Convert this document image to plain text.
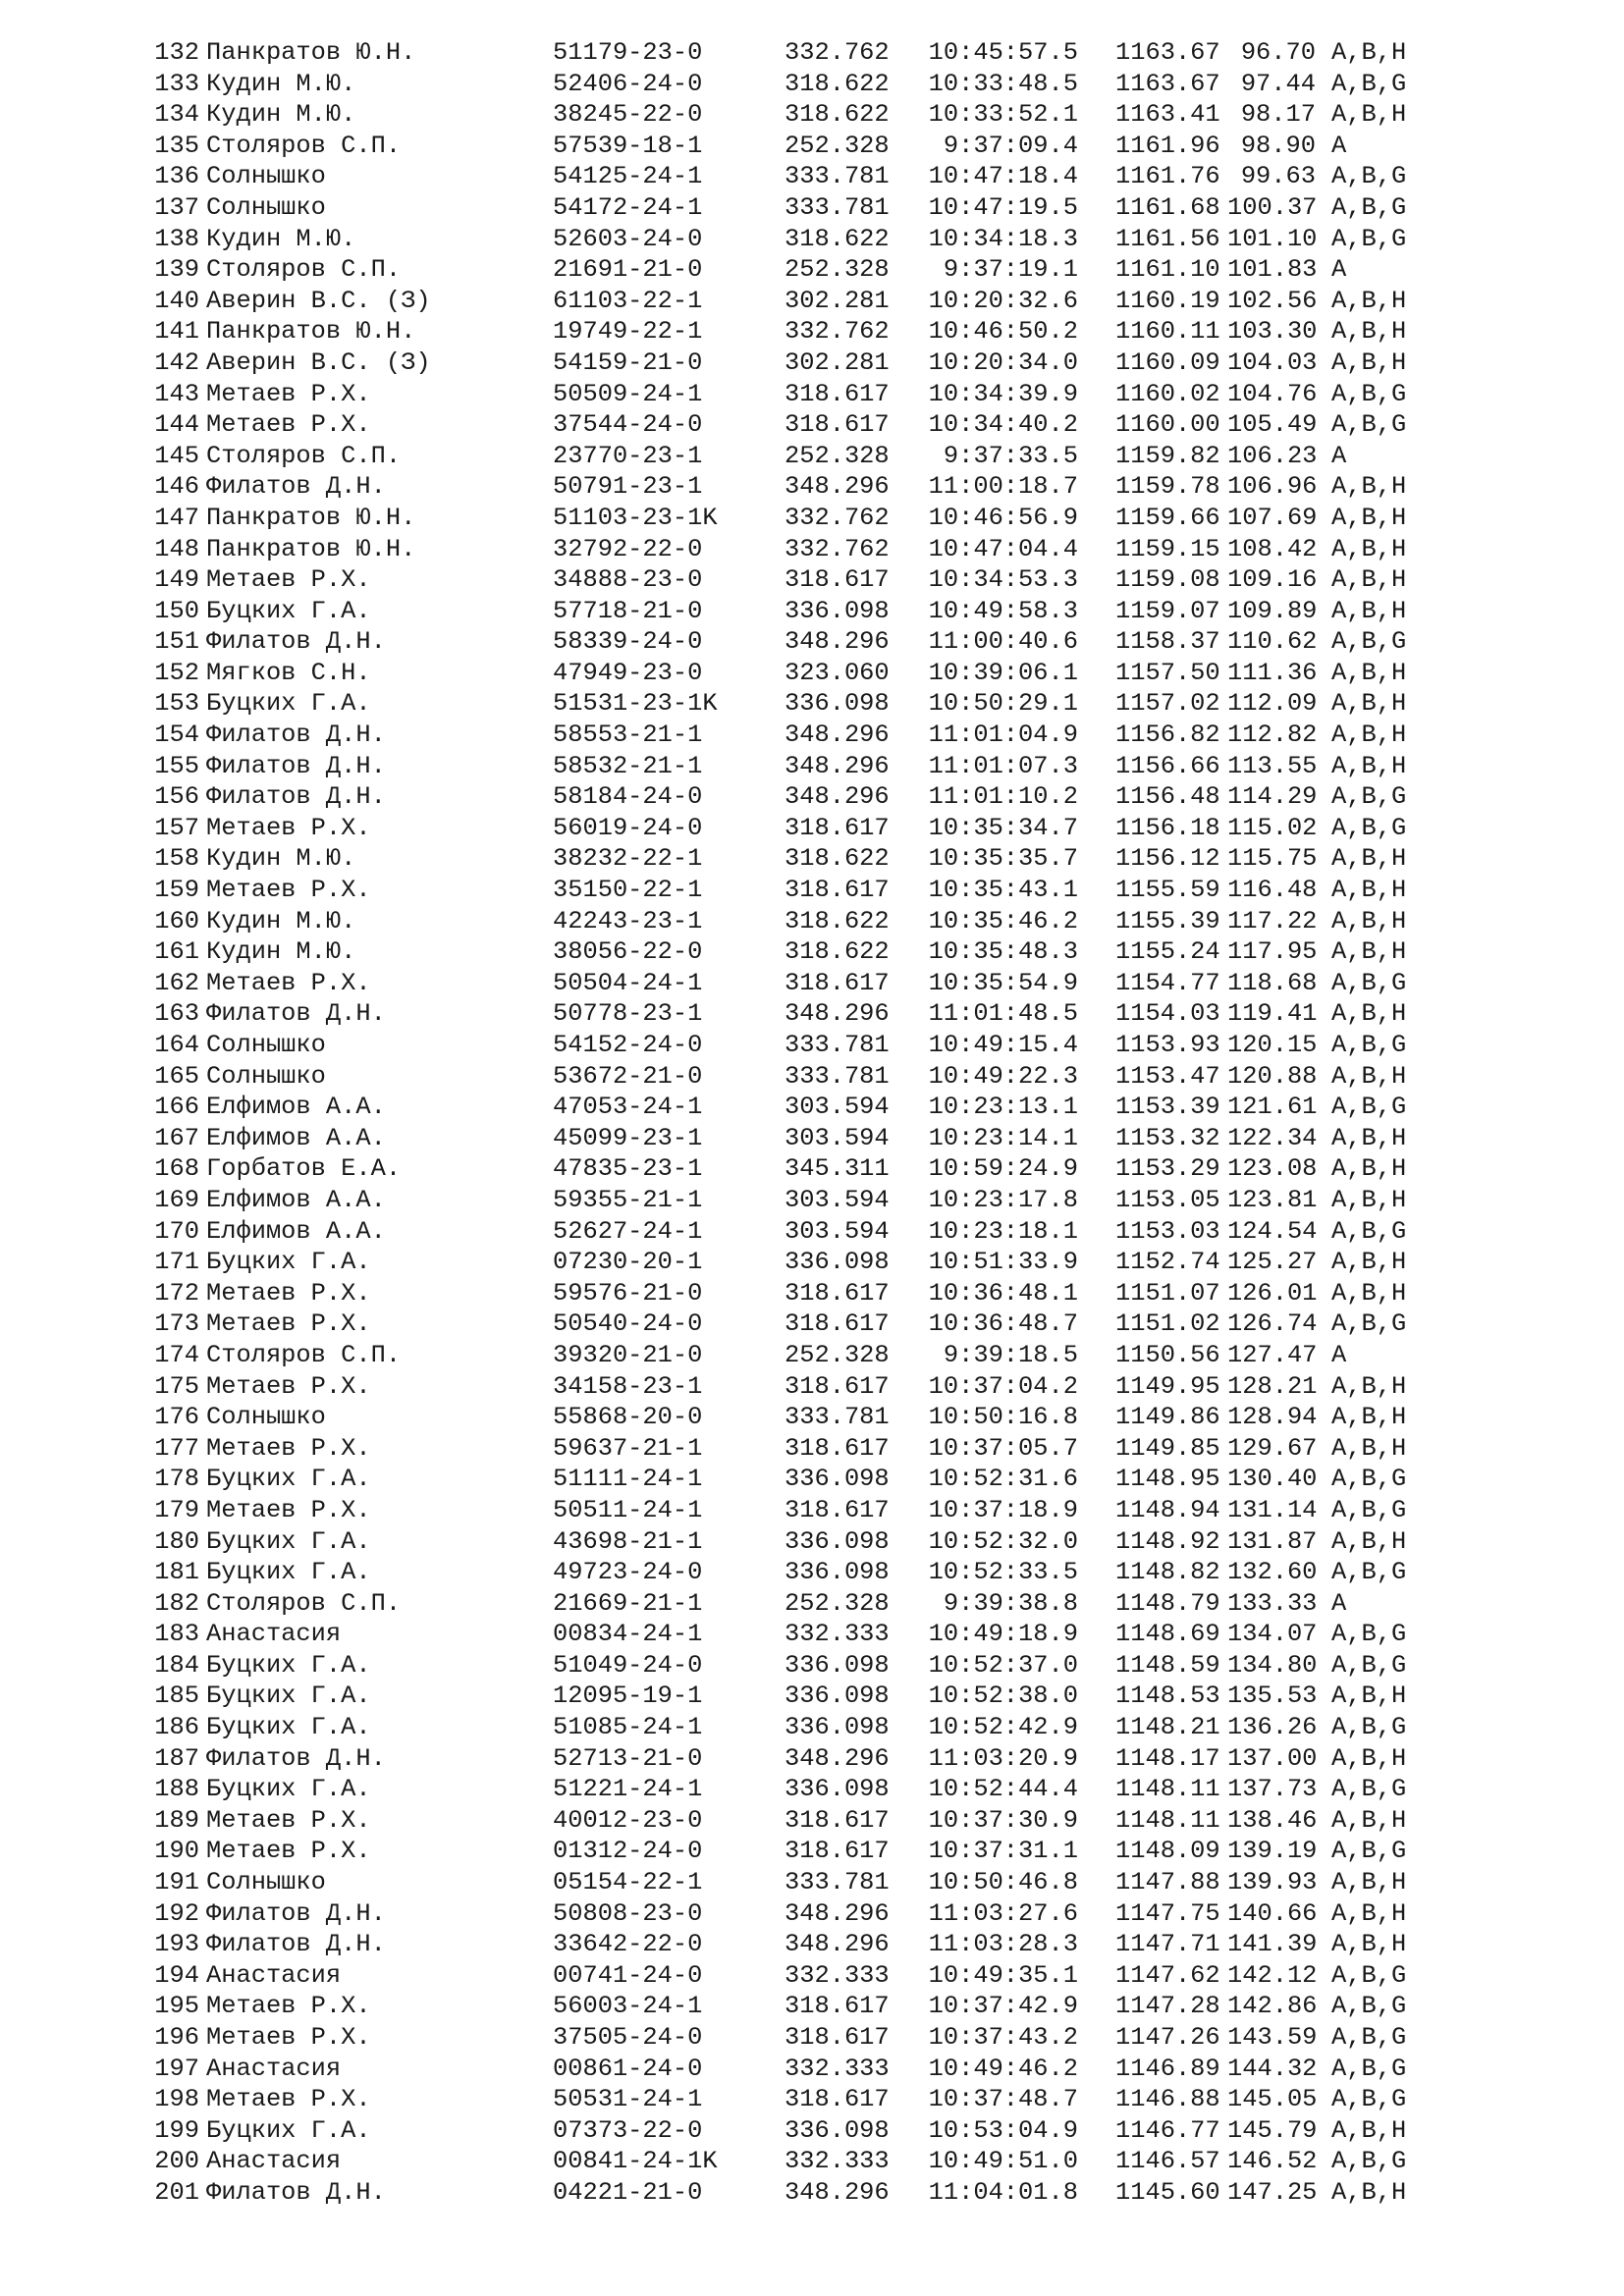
132 Панкратов Ю.Н.	51179-23-0	332.762	10:45:57.5 1163.67 96.70 A,B,H
133 Кудин М.Ю.	52406-24-0	318.622	10:33:48.5 1163.67 97.44 A,B,G
134 Кудин М.Ю.	38245-22-0	318.622	10:33:52.1 1163.41 98.17 A,B,H
135 Столяров С.П.	57539-18-1	252.328	9:37:09.4 1161.96 98.90 A
136 Солнышко	54125-24-1	333.781	10:47:18.4 1161.76 99.63 A,B,G
137 Солнышко	54172-24-1	333.781	10:47:19.5 1161.68 100.37 A,B,G
138 Кудин М.Ю.	52603-24-0	318.622	10:34:18.3 1161.56 101.10 A,B,G
139 Столяров С.П.	21691-21-0	252.328	9:37:19.1 1161.10 101.83 A
140 Аверин В.С. (З)	61103-22-1	302.281	10:20:32.6 1160.19 102.56 A,B,H
141 Панкратов Ю.Н.	19749-22-1	332.762	10:46:50.2 1160.11 103.30 A,B,H
142 Аверин В.С. (З)	54159-21-0	302.281	10:20:34.0 1160.09 104.03 A,B,H
143 Метаев Р.Х.	50509-24-1	318.617	10:34:39.9 1160.02 104.76 A,B,G
144 Метаев Р.Х.	37544-24-0	318.617	10:34:40.2 1160.00 105.49 A,B,G
145 Столяров С.П.	23770-23-1	252.328	9:37:33.5 1159.82 106.23 A
146 Филатов Д.Н.	50791-23-1	348.296	11:00:18.7 1159.78 106.96 A,B,H
147 Панкратов Ю.Н.	51103-23-1K	332.762	10:46:56.9 1159.66 107.69 A,B,H
148 Панкратов Ю.Н.	32792-22-0	332.762	10:47:04.4 1159.15 108.42 A,B,H
149 Метаев Р.Х.	34888-23-0	318.617	10:34:53.3 1159.08 109.16 A,B,H
150 Буцких Г.А.	57718-21-0	336.098	10:49:58.3 1159.07 109.89 A,B,H
151 Филатов Д.Н.	58339-24-0	348.296	11:00:40.6 1158.37 110.62 A,B,G
152 Мягков С.Н.	47949-23-0	323.060	10:39:06.1 1157.50 111.36 A,B,H
153 Буцких Г.А.	51531-23-1K	336.098	10:50:29.1 1157.02 112.09 A,B,H
154 Филатов Д.Н.	58553-21-1	348.296	11:01:04.9 1156.82 112.82 A,B,H
155 Филатов Д.Н.	58532-21-1	348.296	11:01:07.3 1156.66 113.55 A,B,H
156 Филатов Д.Н.	58184-24-0	348.296	11:01:10.2 1156.48 114.29 A,B,G
157 Метаев Р.Х.	56019-24-0	318.617	10:35:34.7 1156.18 115.02 A,B,G
158 Кудин М.Ю.	38232-22-1	318.622	10:35:35.7 1156.12 115.75 A,B,H
159 Метаев Р.Х.	35150-22-1	318.617	10:35:43.1 1155.59 116.48 A,B,H
160 Кудин М.Ю.	42243-23-1	318.622	10:35:46.2 1155.39 117.22 A,B,H
161 Кудин М.Ю.	38056-22-0	318.622	10:35:48.3 1155.24 117.95 A,B,H
162 Метаев Р.Х.	50504-24-1	318.617	10:35:54.9 1154.77 118.68 A,B,G
163 Филатов Д.Н.	50778-23-1	348.296	11:01:48.5 1154.03 119.41 A,B,H
164 Солнышко	54152-24-0	333.781	10:49:15.4 1153.93 120.15 A,B,G
165 Солнышко	53672-21-0	333.781	10:49:22.3 1153.47 120.88 A,B,H
166 Елфимов А.А.	47053-24-1	303.594	10:23:13.1 1153.39 121.61 A,B,G
167 Елфимов А.А.	45099-23-1	303.594	10:23:14.1 1153.32 122.34 A,B,H
168 Горбатов Е.А.	47835-23-1	345.311	10:59:24.9 1153.29 123.08 A,B,H
169 Елфимов А.А.	59355-21-1	303.594	10:23:17.8 1153.05 123.81 A,B,H
170 Елфимов А.А.	52627-24-1	303.594	10:23:18.1 1153.03 124.54 A,B,G
171 Буцких Г.А.	07230-20-1	336.098	10:51:33.9 1152.74 125.27 A,B,H
172 Метаев Р.Х.	59576-21-0	318.617	10:36:48.1 1151.07 126.01 A,B,H
173 Метаев Р.Х.	50540-24-0	318.617	10:36:48.7 1151.02 126.74 A,B,G
174 Столяров С.П.	39320-21-0	252.328	9:39:18.5 1150.56 127.47 A
175 Метаев Р.Х.	34158-23-1	318.617	10:37:04.2 1149.95 128.21 A,B,H
176 Солнышко	55868-20-0	333.781	10:50:16.8 1149.86 128.94 A,B,H
177 Метаев Р.Х.	59637-21-1	318.617	10:37:05.7 1149.85 129.67 A,B,H
178 Буцких Г.А.	51111-24-1	336.098	10:52:31.6 1148.95 130.40 A,B,G
179 Метаев Р.Х.	50511-24-1	318.617	10:37:18.9 1148.94 131.14 A,B,G
180 Буцких Г.А.	43698-21-1	336.098	10:52:32.0 1148.92 131.87 A,B,H
181 Буцких Г.А.	49723-24-0	336.098	10:52:33.5 1148.82 132.60 A,B,G
182 Столяров С.П.	21669-21-1	252.328	9:39:38.8 1148.79 133.33 A
183 Анастасия	00834-24-1	332.333	10:49:18.9 1148.69 134.07 A,B,G
184 Буцких Г.А.	51049-24-0	336.098	10:52:37.0 1148.59 134.80 A,B,G
185 Буцких Г.А.	12095-19-1	336.098	10:52:38.0 1148.53 135.53 A,B,H
186 Буцких Г.А.	51085-24-1	336.098	10:52:42.9 1148.21 136.26 A,B,G
187 Филатов Д.Н.	52713-21-0	348.296	11:03:20.9 1148.17 137.00 A,B,H
188 Буцких Г.А.	51221-24-1	336.098	10:52:44.4 1148.11 137.73 A,B,G
189 Метаев Р.Х.	40012-23-0	318.617	10:37:30.9 1148.11 138.46 A,B,H
190 Метаев Р.Х.	01312-24-0	318.617	10:37:31.1 1148.09 139.19 A,B,G
191 Солнышко	05154-22-1	333.781	10:50:46.8 1147.88 139.93 A,B,H
192 Филатов Д.Н.	50808-23-0	348.296	11:03:27.6 1147.75 140.66 A,B,H
193 Филатов Д.Н.	33642-22-0	348.296	11:03:28.3 1147.71 141.39 A,B,H
194 Анастасия	00741-24-0	332.333	10:49:35.1 1147.62 142.12 A,B,G
195 Метаев Р.Х.	56003-24-1	318.617	10:37:42.9 1147.28 142.86 A,B,G
196 Метаев Р.Х.	37505-24-0	318.617	10:37:43.2 1147.26 143.59 A,B,G
197 Анастасия	00861-24-0	332.333	10:49:46.2 1146.89 144.32 A,B,G
198 Метаев Р.Х.	50531-24-1	318.617	10:37:48.7 1146.88 145.05 A,B,G
199 Буцких Г.А.	07373-22-0	336.098	10:53:04.9 1146.77 145.79 A,B,H
200 Анастасия	00841-24-1K	332.333	10:49:51.0 1146.57 146.52 A,B,G
201 Филатов Д.Н.	04221-21-0	348.296	11:04:01.8 1145.60 147.25 A,B,H
